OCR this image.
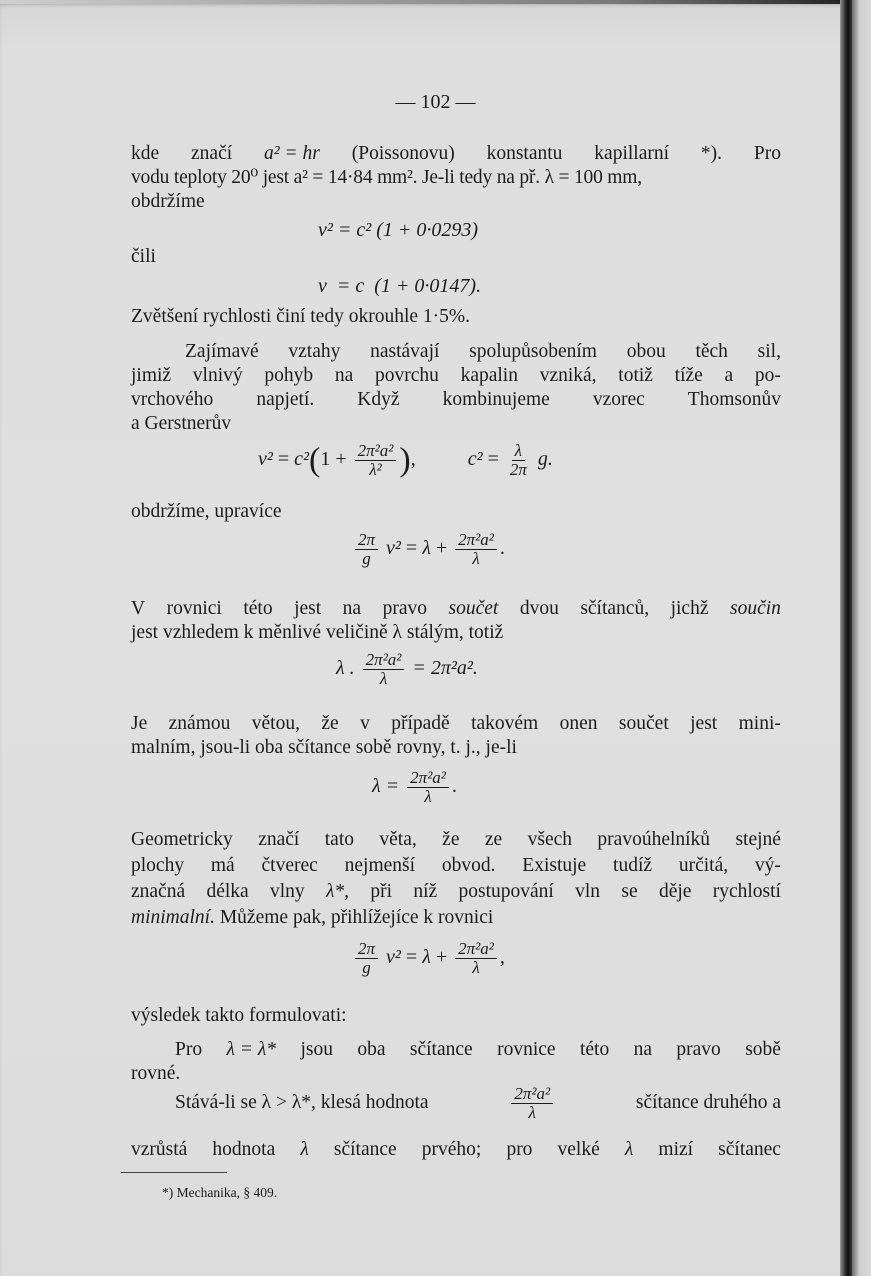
— 102 —
kde značí a² = hr (Poissonovu) konstantu kapillarní *). Pro
vodu teploty 20⁰ jest a² = 14·84 mm². Je-li tedy na př. λ = 100 mm,
obdržíme
v² = c² (1 + 0·0293)
čili
v  = c  (1 + 0·0147).
Zvětšení rychlosti činí tedy okrouhle 1·5%.
Zajímavé vztahy nastávají spolupůsobením obou těch sil,
jimiž vlnivý pohyb na povrchu kapalin vzniká, totiž tíže a po-
vrchového napjetí. Když kombinujeme vzorec Thomsonův
a Gerstnerův
$v^2 = c^2(1 + \frac{\text{2π²a²}}{\text{λ²}}$ ),	$c^2 = \frac{\lambda}{2\pi} g$.
obdržíme, upravíce
$\frac{2\pi}{g} v^2 = \lambda + \frac{\text{2π²a²}}{\lambda}$ .
V rovnici této jest na pravo součet dvou sčítanců, jichž součin
jest vzhledem k měnlivé veličině λ stálým, totiž
λ . $\frac{\text{2π²a²}}{\lambda} = 2\pi^2a^2$.
Je známou větou, že v případě takovém onen součet jest mini-
malním, jsou-li oba sčítance sobě rovny, t. j., je-li
$\lambda = \frac{\text{2π²a²}}{\lambda}$ .
Geometricky značí tato věta, že ze všech pravoúhelníků stejné
plochy má čtverec nejmenší obvod. Existuje tudíž určitá, vý-
značná délka vlny λ*, při níž postupování vln se děje rychlostí
minimalní. Můžeme pak, přihlížejíce k rovnici
$\frac{2\pi}{g} v^2 = \lambda + \frac{\text{2π²a²}}{\lambda}$ ,
výsledek takto formulovati:
Pro λ = λ* jsou oba sčítance rovnice této na pravo sobě
rovné.
Stává-li se λ > λ*, klesá hodnota	$\frac{\text{2π²a²}}{\lambda}$	sčítance druhého a
vzrůstá hodnota λ sčítance prvého; pro velké λ mizí sčítanec
*) Mechanika, § 409.
